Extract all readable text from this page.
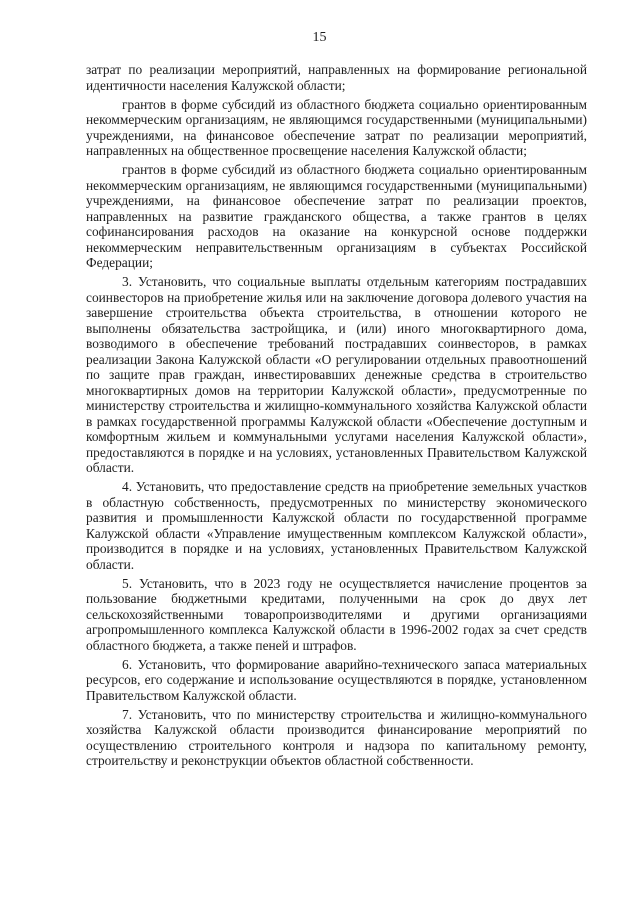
15

затрат по реализации мероприятий, направленных на формирование региональной идентичности населения Калужской области;

грантов в форме субсидий из областного бюджета социально ориентированным некоммерческим организациям, не являющимся государственными (муниципальными) учреждениями, на финансовое обеспечение затрат по реализации мероприятий, направленных на общественное просвещение населения Калужской области;

грантов в форме субсидий из областного бюджета социально ориентированным некоммерческим организациям, не являющимся государственными (муниципальными) учреждениями, на финансовое обеспечение затрат по реализации проектов, направленных на развитие гражданского общества, а также грантов в целях софинансирования расходов на оказание на конкурсной основе поддержки некоммерческим неправительственным организациям в субъектах Российской Федерации;

3. Установить, что социальные выплаты отдельным категориям пострадавших соинвесторов на приобретение жилья или на заключение договора долевого участия на завершение строительства объекта строительства, в отношении которого не выполнены обязательства застройщика, и (или) иного многоквартирного дома, возводимого в обеспечение требований пострадавших соинвесторов, в рамках реализации Закона Калужской области «О регулировании отдельных правоотношений по защите прав граждан, инвестировавших денежные средства в строительство многоквартирных домов на территории Калужской области», предусмотренные по министерству строительства и жилищно-коммунального хозяйства Калужской области в рамках государственной программы Калужской области «Обеспечение доступным и комфортным жильем и коммунальными услугами населения Калужской области», предоставляются в порядке и на условиях, установленных Правительством Калужской области.

4. Установить, что предоставление средств на приобретение земельных участков в областную собственность, предусмотренных по министерству экономического развития и промышленности Калужской области по государственной программе Калужской области «Управление имущественным комплексом Калужской области», производится в порядке и на условиях, установленных Правительством Калужской области.

5. Установить, что в 2023 году не осуществляется начисление процентов за пользование бюджетными кредитами, полученными на срок до двух лет сельскохозяйственными товаропроизводителями и другими организациями агропромышленного комплекса Калужской области в 1996-2002 годах за счет средств областного бюджета, а также пеней и штрафов.

6. Установить, что формирование аварийно-технического запаса материальных ресурсов, его содержание и использование осуществляются в порядке, установленном Правительством Калужской области.

7. Установить, что по министерству строительства и жилищно-коммунального хозяйства Калужской области производится финансирование мероприятий по осуществлению строительного контроля и надзора по капитальному ремонту, строительству и реконструкции объектов областной собственности.
